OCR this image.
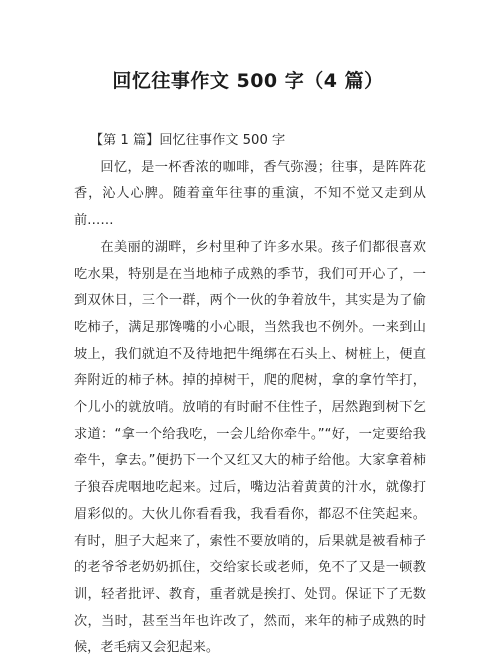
回忆往事作文 500 字（4 篇）

【第 1 篇】回忆往事作文 500 字

回忆，是一杯香浓的咖啡，香气弥漫；往事，是阵阵花香，沁人心脾。随着童年往事的重演，不知不觉又走到从前……

在美丽的湖畔，乡村里种了许多水果。孩子们都很喜欢吃水果，特别是在当地柿子成熟的季节，我们可开心了，一到双休日，三个一群，两个一伙的争着放牛，其实是为了偷吃柿子，满足那馋嘴的小心眼，当然我也不例外。一来到山坡上，我们就迫不及待地把牛绳绑在石头上、树桩上，便直奔附近的柿子林。掉的掉树干，爬的爬树，拿的拿竹竿打，个儿小的就放哨。放哨的有时耐不住性子，居然跑到树下乞求道：“拿一个给我吃，一会儿给你牵牛。”“好，一定要给我牵牛，拿去。”便扔下一个又红又大的柿子给他。大家拿着柿子狼吞虎咽地吃起来。过后，嘴边沾着黄黄的汁水，就像打眉彩似的。大伙儿你看看我，我看看你，都忍不住笑起来。有时，胆子大起来了，索性不要放哨的，后果就是被看柿子的老爷爷老奶奶抓住，交给家长或老师，免不了又是一顿教训，轻者批评、教育，重者就是挨打、处罚。保证下了无数次，当时，甚至当年也许改了，然而，来年的柿子成熟的时候，老毛病又会犯起来。
